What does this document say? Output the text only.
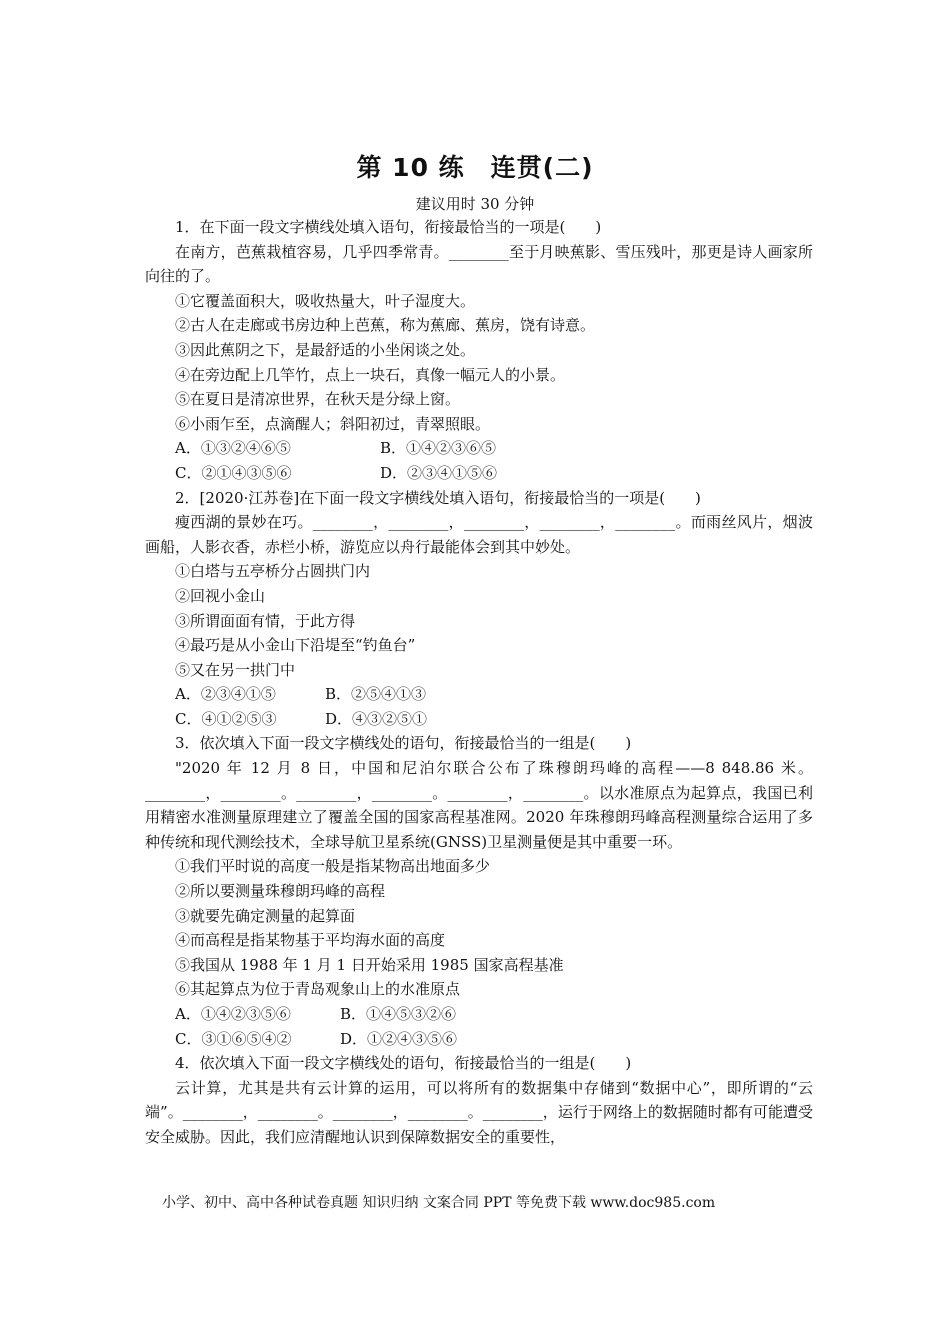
第 10 练　连贯(二)
建议用时 30 分钟

1．在下面一段文字横线处填入语句，衔接最恰当的一项是(　　)

在南方，芭蕉栽植容易，几乎四季常青。________至于月映蕉影、雪压残叶，那更是诗人画家所向往的了。

①它覆盖面积大，吸收热量大，叶子湿度大。

②古人在走廊或书房边种上芭蕉，称为蕉廊、蕉房，饶有诗意。

③因此蕉阴之下，是最舒适的小坐闲谈之处。

④在旁边配上几竿竹，点上一块石，真像一幅元人的小景。

⑤在夏日是清凉世界，在秋天是分绿上窗。

⑥小雨乍至，点滴醒人；斜阳初过，青翠照眼。

A．①③②④⑥⑤	B．①④②③⑥⑤
C．②①④③⑤⑥	D．②③④①⑤⑥

2．[2020·江苏卷]在下面一段文字横线处填入语句，衔接最恰当的一项是(　　)

瘦西湖的景妙在巧。________，________，________，________，________。而雨丝风片，烟波画船，人影衣香，赤栏小桥，游览应以舟行最能体会到其中妙处。

①白塔与五亭桥分占圆拱门内

②回视小金山

③所谓面面有情，于此方得

④最巧是从小金山下沿堤至“钓鱼台”

⑤又在另一拱门中

A．②③④①⑤	B．②⑤④①③
C．④①②⑤③	D．④③②⑤①

3．依次填入下面一段文字横线处的语句，衔接最恰当的一组是(　　)

"2020 年 12 月 8 日，中国和尼泊尔联合公布了珠穆朗玛峰的高程——8 848.86 米。________，________。________，________。________，________。以水准原点为起算点，我国已利用精密水准测量原理建立了覆盖全国的国家高程基准网。2020 年珠穆朗玛峰高程测量综合运用了多种传统和现代测绘技术，全球导航卫星系统(GNSS)卫星测量便是其中重要一环。

①我们平时说的高度一般是指某物高出地面多少

②所以要测量珠穆朗玛峰的高程

③就要先确定测量的起算面

④而高程是指某物基于平均海水面的高度

⑤我国从 1988 年 1 月 1 日开始采用 1985 国家高程基准

⑥其起算点为位于青岛观象山上的水准原点

A．①④②③⑤⑥	B．①④⑤③②⑥
C．③①⑥⑤④②	D．①②④③⑤⑥

4．依次填入下面一段文字横线处的语句，衔接最恰当的一组是(　　)

云计算，尤其是共有云计算的运用，可以将所有的数据集中存储到“数据中心”，即所谓的“云端”。________，________。________，________。________，运行于网络上的数据随时都有可能遭受安全威胁。因此，我们应清醒地认识到保障数据安全的重要性，

小学、初中、高中各种试卷真题 知识归纳 文案合同 PPT 等免费下载 www.doc985.com
